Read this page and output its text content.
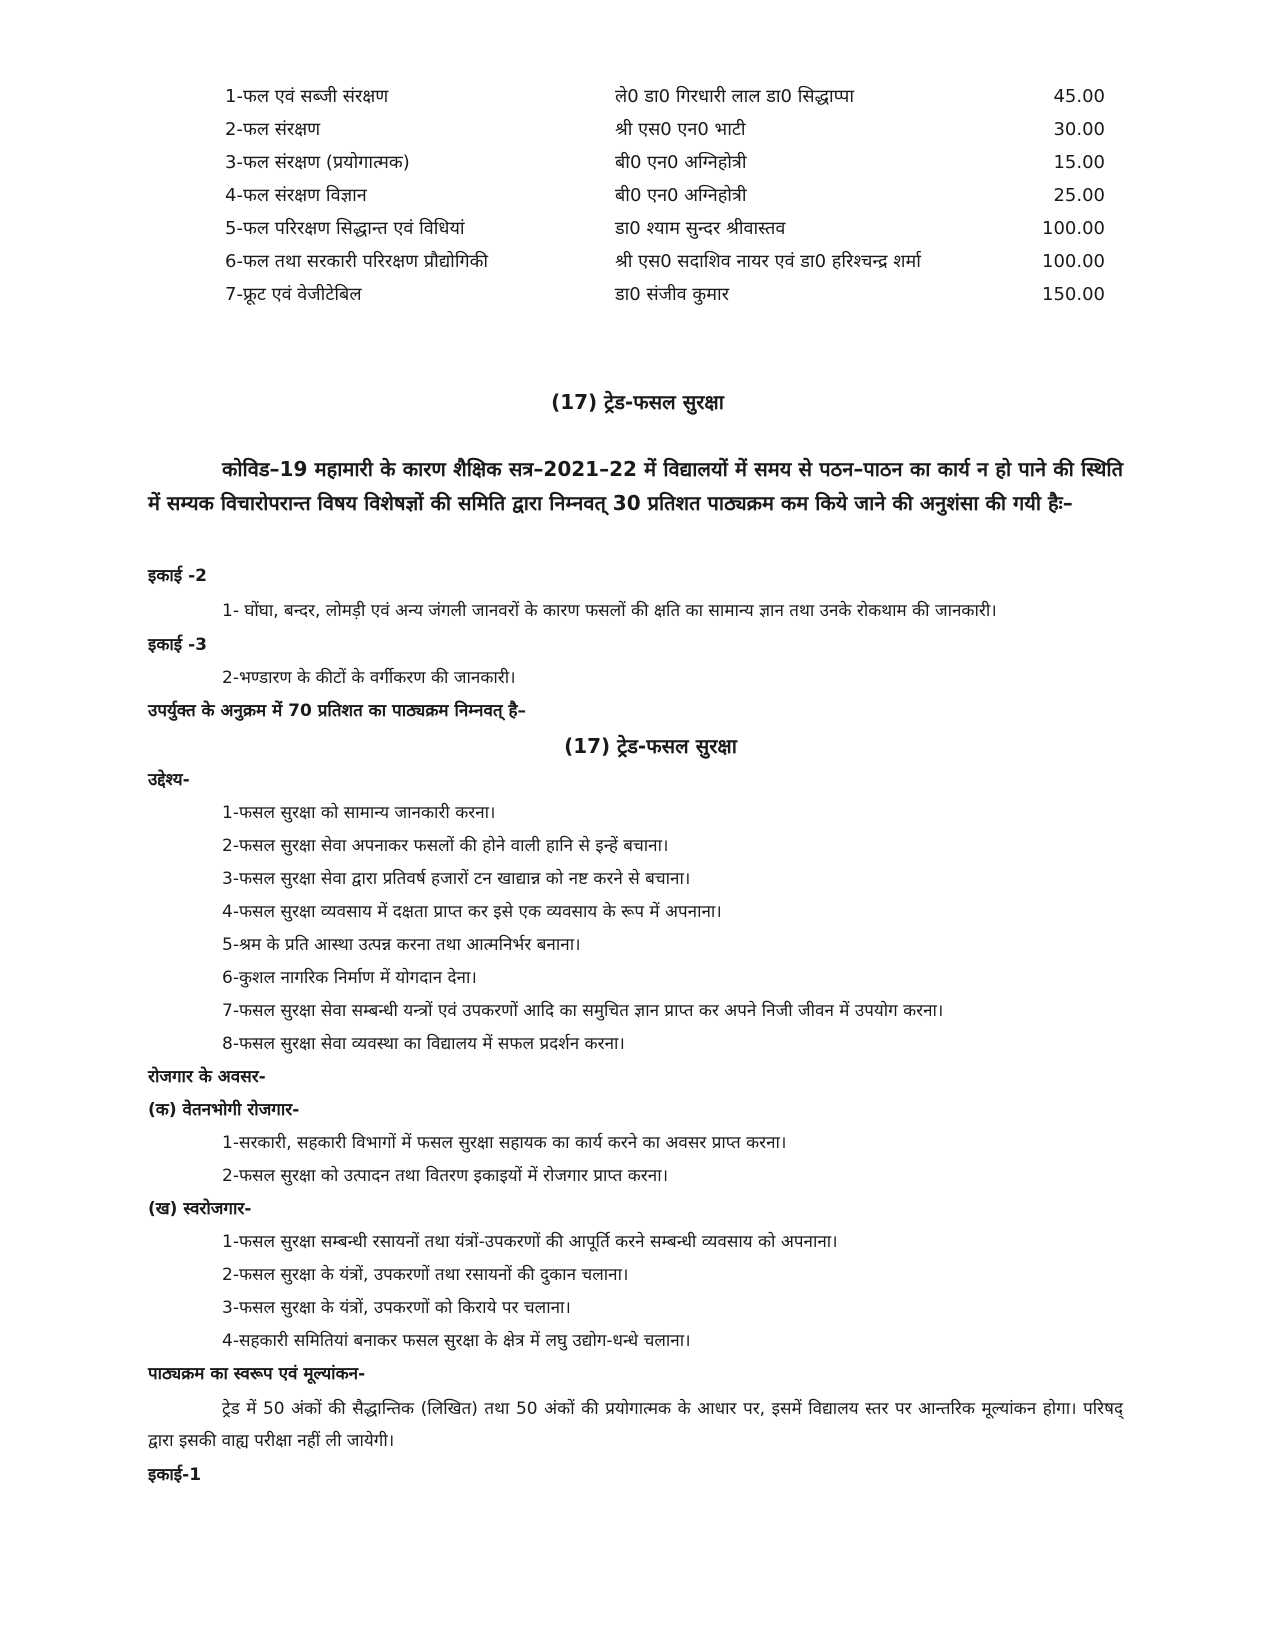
1-फल एवं सब्जी संरक्षण	ले0 डा0 गिरधारी लाल डा0 सिद्धाप्पा	45.00
2-फल संरक्षण	श्री एस0 एन0 भाटी	30.00
3-फल संरक्षण (प्रयोगात्मक)	बी0 एन0 अग्निहोत्री	15.00
4-फल संरक्षण विज्ञान	बी0 एन0 अग्निहोत्री	25.00
5-फल परिरक्षण सिद्धान्त एवं विधियां	डा0 श्याम सुन्दर श्रीवास्तव	100.00
6-फल तथा सरकारी परिरक्षण प्रौद्योगिकी	श्री एस0 सदाशिव नायर एवं डा0 हरिश्चन्द्र शर्मा	100.00
7-फ्रूट एवं वेजीटेबिल	डा0 संजीव कुमार	150.00
(17) ट्रेड-फसल सुरक्षा
कोविड–19 महामारी के कारण शैक्षिक सत्र–2021–22 में विद्यालयों में समय से पठन–पाठन का कार्य न हो पाने की स्थिति में सम्यक विचारोपरान्त विषय विशेषज्ञों की समिति द्वारा निम्नवत् 30 प्रतिशत पाठ्यक्रम कम किये जाने की अनुशंसा की गयी हैः–
इकाई -2
1- घोंघा, बन्दर, लोमड़ी एवं अन्य जंगली जानवरों के कारण फसलों की क्षति का सामान्य ज्ञान तथा उनके रोकथाम की जानकारी।
इकाई -3
2-भण्डारण के कीटों के वर्गीकरण की जानकारी।
उपर्युक्त के अनुक्रम में 70 प्रतिशत का पाठ्यक्रम निम्नवत् है–
(17) ट्रेड-फसल सुरक्षा
उद्देश्य-
1-फसल सुरक्षा को सामान्य जानकारी करना।
2-फसल सुरक्षा सेवा अपनाकर फसलों की होने वाली हानि से इन्हें बचाना।
3-फसल सुरक्षा सेवा द्वारा प्रतिवर्ष हजारों टन खाद्यान्न को नष्ट करने से बचाना।
4-फसल सुरक्षा व्यवसाय में दक्षता प्राप्त कर इसे एक व्यवसाय के रूप में अपनाना।
5-श्रम के प्रति आस्था उत्पन्न करना तथा आत्मनिर्भर बनाना।
6-कुशल नागरिक निर्माण में योगदान देना।
7-फसल सुरक्षा सेवा सम्बन्धी यन्त्रों एवं उपकरणों आदि का समुचित ज्ञान प्राप्त कर अपने निजी जीवन में उपयोग करना।
8-फसल सुरक्षा सेवा व्यवस्था का विद्यालय में सफल प्रदर्शन करना।
रोजगार के अवसर-
(क) वेतनभोगी रोजगार-
1-सरकारी, सहकारी विभागों में फसल सुरक्षा सहायक का कार्य करने का अवसर प्राप्त करना।
2-फसल सुरक्षा को उत्पादन तथा वितरण इकाइयों में रोजगार प्राप्त करना।
(ख) स्वरोजगार-
1-फसल सुरक्षा सम्बन्धी रसायनों तथा यंत्रों-उपकरणों की आपूर्ति करने सम्बन्धी व्यवसाय को अपनाना।
2-फसल सुरक्षा के यंत्रों, उपकरणों तथा रसायनों की दुकान चलाना।
3-फसल सुरक्षा के यंत्रों, उपकरणों को किराये पर चलाना।
4-सहकारी समितियां बनाकर फसल सुरक्षा के क्षेत्र में लघु उद्योग-धन्धे चलाना।
पाठ्यक्रम का स्वरूप एवं मूल्यांकन-
ट्रेड में 50 अंकों की सैद्धान्तिक (लिखित) तथा 50 अंकों की प्रयोगात्मक के आधार पर, इसमें विद्यालय स्तर पर आन्तरिक मूल्यांकन होगा। परिषद् द्वारा इसकी वाह्य परीक्षा नहीं ली जायेगी।
इकाई-1
